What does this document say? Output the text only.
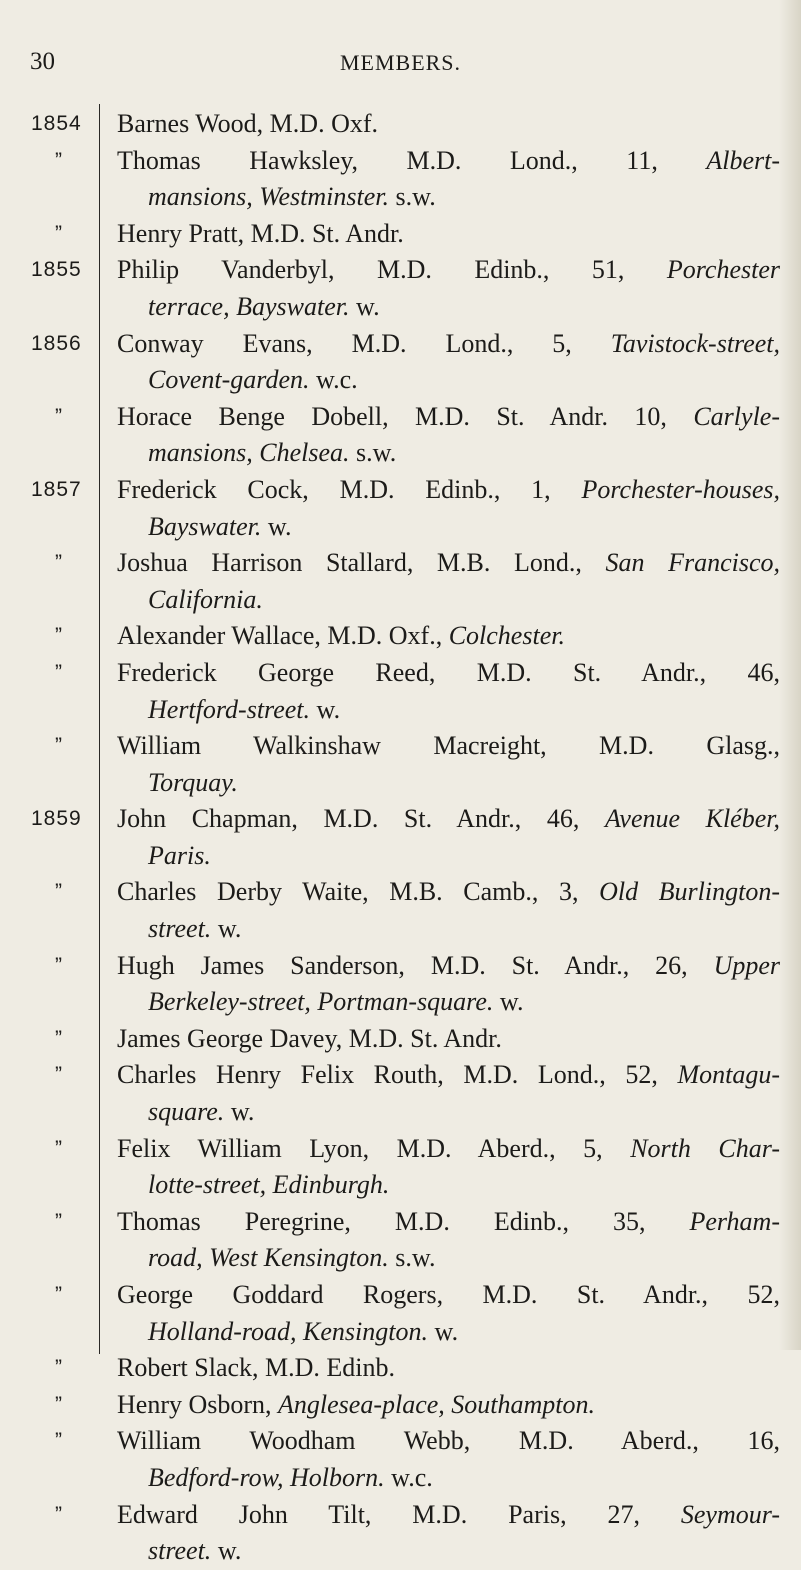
30	MEMBERS.
1854	Barnes Wood, M.D. Oxf.
”	Thomas Hawksley, M.D. Lond., 11, Albert-
mansions, Westminster. s.w.
”	Henry Pratt, M.D. St. Andr.
1855	Philip Vanderbyl, M.D. Edinb., 51, Porchester
terrace, Bayswater. w.
1856	Conway Evans, M.D. Lond., 5, Tavistock-street,
Covent-garden. w.c.
”	Horace Benge Dobell, M.D. St. Andr. 10, Carlyle-
mansions, Chelsea. s.w.
1857	Frederick Cock, M.D. Edinb., 1, Porchester-houses,
Bayswater. w.
”	Joshua Harrison Stallard, M.B. Lond., San Francisco,
California.
”	Alexander Wallace, M.D. Oxf., Colchester.
”	Frederick George Reed, M.D. St. Andr., 46,
Hertford-street. w.
”	William Walkinshaw Macreight, M.D. Glasg.,
Torquay.
1859	John Chapman, M.D. St. Andr., 46, Avenue Kléber,
Paris.
”	Charles Derby Waite, M.B. Camb., 3, Old Burlington-
street. w.
”	Hugh James Sanderson, M.D. St. Andr., 26, Upper
Berkeley-street, Portman-square. w.
”	James George Davey, M.D. St. Andr.
”	Charles Henry Felix Routh, M.D. Lond., 52, Montagu-
square. w.
”	Felix William Lyon, M.D. Aberd., 5, North Char-
lotte-street, Edinburgh.
”	Thomas Peregrine, M.D. Edinb., 35, Perham-
road, West Kensington. s.w.
”	George Goddard Rogers, M.D. St. Andr., 52,
Holland-road, Kensington. w.
”	Robert Slack, M.D. Edinb.
”	Henry Osborn, Anglesea-place, Southampton.
”	William Woodham Webb, M.D. Aberd., 16,
Bedford-row, Holborn. w.c.
”	Edward John Tilt, M.D. Paris, 27, Seymour-
street. w.
